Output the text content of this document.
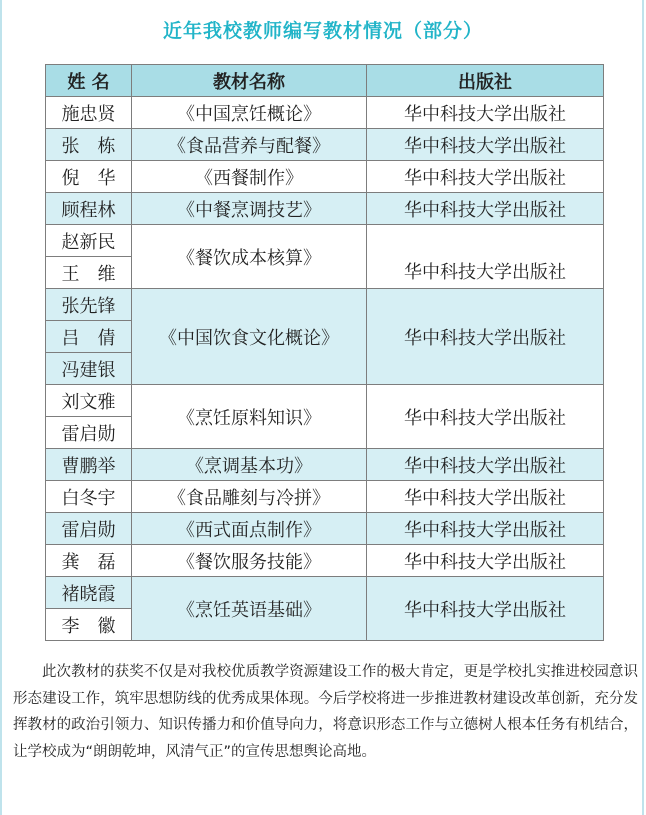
近年我校教师编写教材情况（部分）
姓 名	教材名称	出版社
施忠贤	《中国烹饪概论》	华中科技大学出版社
张　栋	《食品营养与配餐》	华中科技大学出版社
倪　华	《西餐制作》	华中科技大学出版社
顾程林	《中餐烹调技艺》	华中科技大学出版社
赵新民	《餐饮成本核算》	华中科技大学出版社
王　维		
张先锋	《中国饮食文化概论》	华中科技大学出版社
吕　倩		
冯建银		
刘文雅	《烹饪原料知识》	华中科技大学出版社
雷启勋		
曹鹏举	《烹调基本功》	华中科技大学出版社
白冬宇	《食品雕刻与冷拼》	华中科技大学出版社
雷启勋	《西式面点制作》	华中科技大学出版社
龚　磊	《餐饮服务技能》	华中科技大学出版社
褚晓霞	《烹饪英语基础》	华中科技大学出版社
李　徽		
此次教材的获奖不仅是对我校优质教学资源建设工作的极大肯定，更是学校扎实推进校园意识形态建设工作，筑牢思想防线的优秀成果体现。今后学校将进一步推进教材建设改革创新，充分发挥教材的政治引领力、知识传播力和价值导向力，将意识形态工作与立德树人根本任务有机结合，让学校成为“朗朗乾坤，风清气正”的宣传思想舆论高地。
